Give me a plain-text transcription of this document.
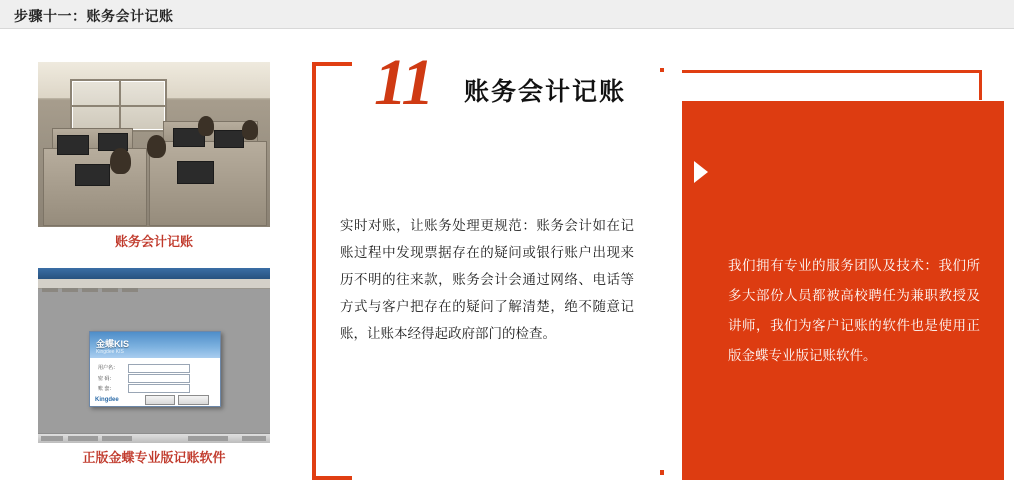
步骤十一：账务会计记账
账务会计记账
金蝶KIS
Kingdee KIS
用户名：
密 码：
账 套：
Kingdee
正版金蝶专业版记账软件
11 账务会计记账
实时对账，让账务处理更规范：账务会计如在记账过程中发现票据存在的疑问或银行账户出现来历不明的往来款，账务会计会通过网络、电话等方式与客户把存在的疑问了解清楚，绝不随意记账，让账本经得起政府部门的检查。
我们拥有专业的服务团队及技术：我们所多大部份人员都被高校聘任为兼职教授及讲师，我们为客户记账的软件也是使用正版金蝶专业版记账软件。
